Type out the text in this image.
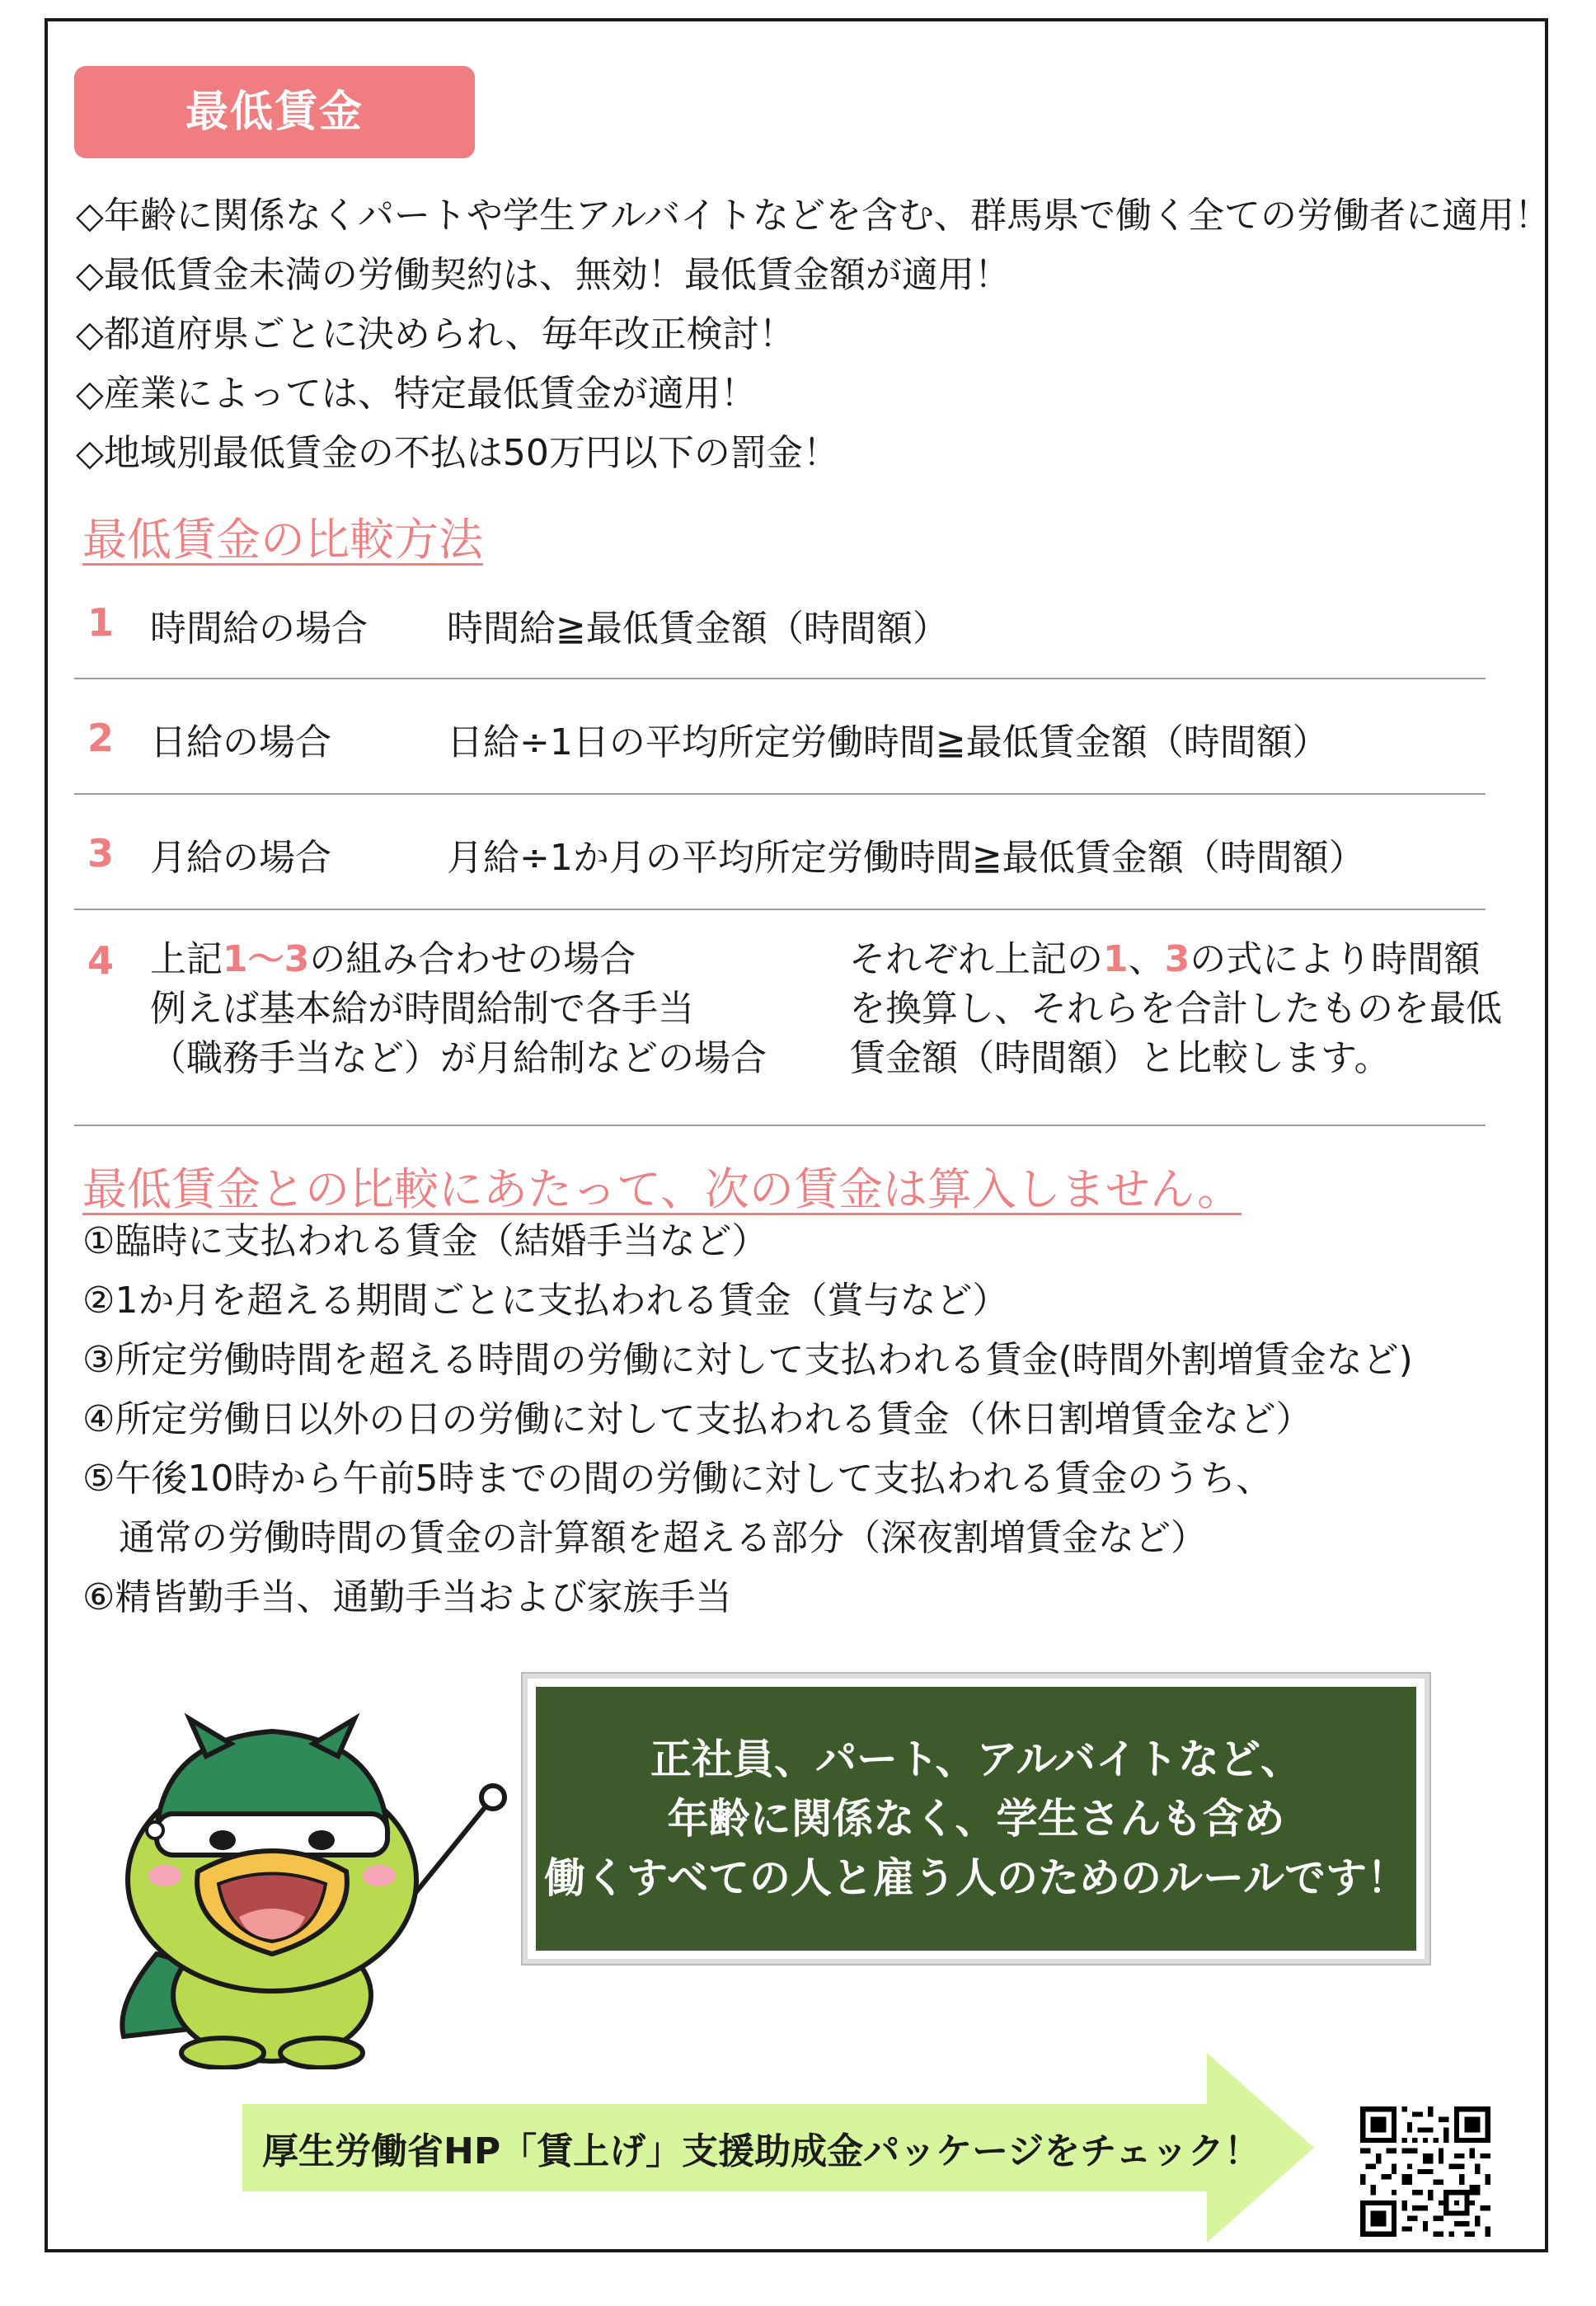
最低賃金
◇年齢に関係なくパートや学生アルバイトなどを含む、群馬県で働く全ての労働者に適用！
◇最低賃金未満の労働契約は、無効！最低賃金額が適用！
◇都道府県ごとに決められ、毎年改正検討！
◇産業によっては、特定最低賃金が適用！
◇地域別最低賃金の不払は50万円以下の罰金！
最低賃金の比較方法
1 時間給の場合 時間給≧最低賃金額（時間額）
2 日給の場合	日給÷1日の平均所定労働時間≧最低賃金額（時間額）
3 月給の場合	月給÷1か月の平均所定労働時間≧最低賃金額（時間額）
4 上記1～3の組み合わせの場合
例えば基本給が時間給制で各手当
（職務手当など）が月給制などの場合
それぞれ上記の1、3の式により時間額
を換算し、それらを合計したものを最低
賃金額（時間額）と比較します。
最低賃金との比較にあたって、次の賃金は算入しません。
①臨時に支払われる賃金（結婚手当など）
②1か月を超える期間ごとに支払われる賃金（賞与など）
③所定労働時間を超える時間の労働に対して支払われる賃金(時間外割増賃金など)
④所定労働日以外の日の労働に対して支払われる賃金（休日割増賃金など）
⑤午後10時から午前5時までの間の労働に対して支払われる賃金のうち、
　通常の労働時間の賃金の計算額を超える部分（深夜割増賃金など）
⑥精皆勤手当、通勤手当および家族手当
正社員、パート、アルバイトなど、
年齢に関係なく、学生さんも含め
働くすべての人と雇う人のためのルールです！
厚生労働省HP「賃上げ」支援助成金パッケージをチェック！
